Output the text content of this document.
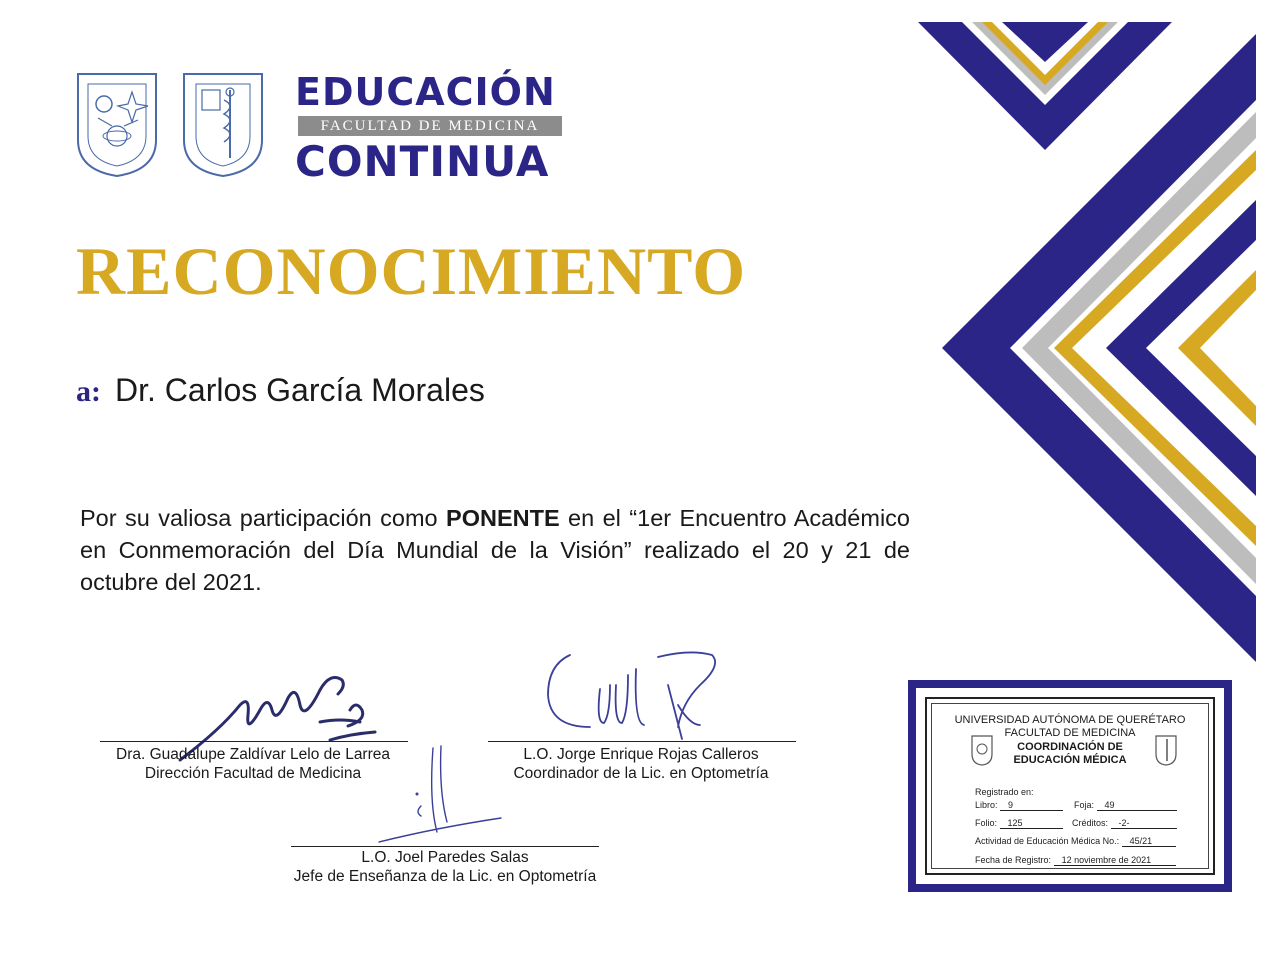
EDUCACIÓN
FACULTAD DE MEDICINA
CONTINUA
RECONOCIMIENTO
a: Dr. Carlos García Morales
Por su valiosa participación como PONENTE en el “1er Encuentro Académico en Conmemoración del Día Mundial de la Visión” realizado el 20 y 21 de octubre del 2021.
Dra. Guadalupe Zaldívar Lelo de Larrea
Dirección Facultad de Medicina
L.O. Jorge Enrique Rojas Calleros
Coordinador de la Lic. en Optometría
L.O. Joel Paredes Salas
Jefe de Enseñanza de la Lic. en Optometría
UNIVERSIDAD AUTÓNOMA DE QUERÉTARO
FACULTAD DE MEDICINA
COORDINACIÓN DE
EDUCACIÓN MÉDICA
Registrado en:
Libro: 9	Foja: 49
Folio: 125	Créditos: -2-
Actividad de Educación Médica No.: 45/21
Fecha de Registro: 12 noviembre de 2021
